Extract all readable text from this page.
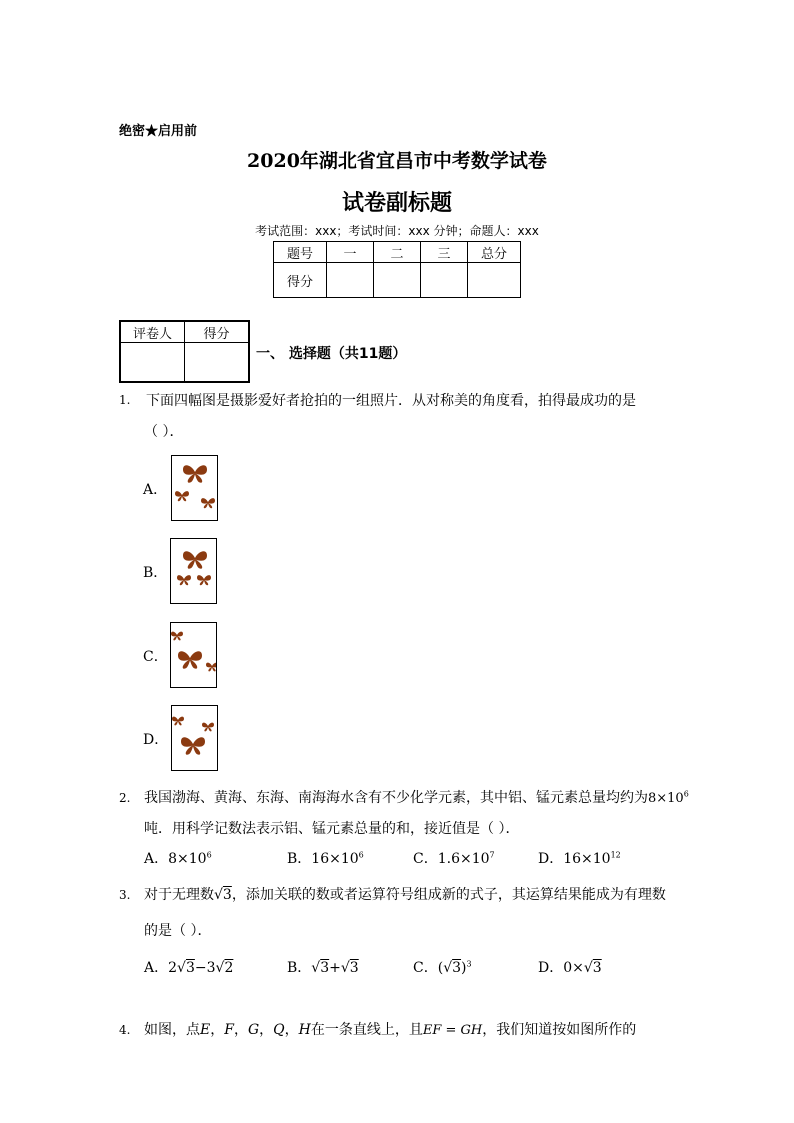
绝密★启用前
2020年湖北省宜昌市中考数学试卷
试卷副标题
考试范围：xxx；考试时间：xxx 分钟；命题人：xxx
题号	一	二	三	总分
得分				
评卷人	得分

一、 选择题（共11题）
1. 下面四幅图是摄影爱好者抢拍的一组照片．从对称美的角度看，拍得最成功的是
（ ）．
A．
B．
C．
D．
2. 我国渤海、黄海、东海、南海海水含有不少化学元素，其中铝、锰元素总量均约为$8\times 10^6$
吨．用科学记数法表示铝、锰元素总量的和，接近值是（ ）．
A．$8\times 10^6$	B．$16\times 10^6$	C．$1.6\times 10^7$	D．$16\times 10^{12}$
3. 对于无理数√3，添加关联的数或者运算符号组成新的式子，其运算结果能成为有理数
的是（ ）．
A．2√3−3√2	B．√3+√3	C．$(√3)^3$	D．0×√3
4. 如图，点E，F，G，Q，H在一条直线上，且EF = GH，我们知道按如图所作的
